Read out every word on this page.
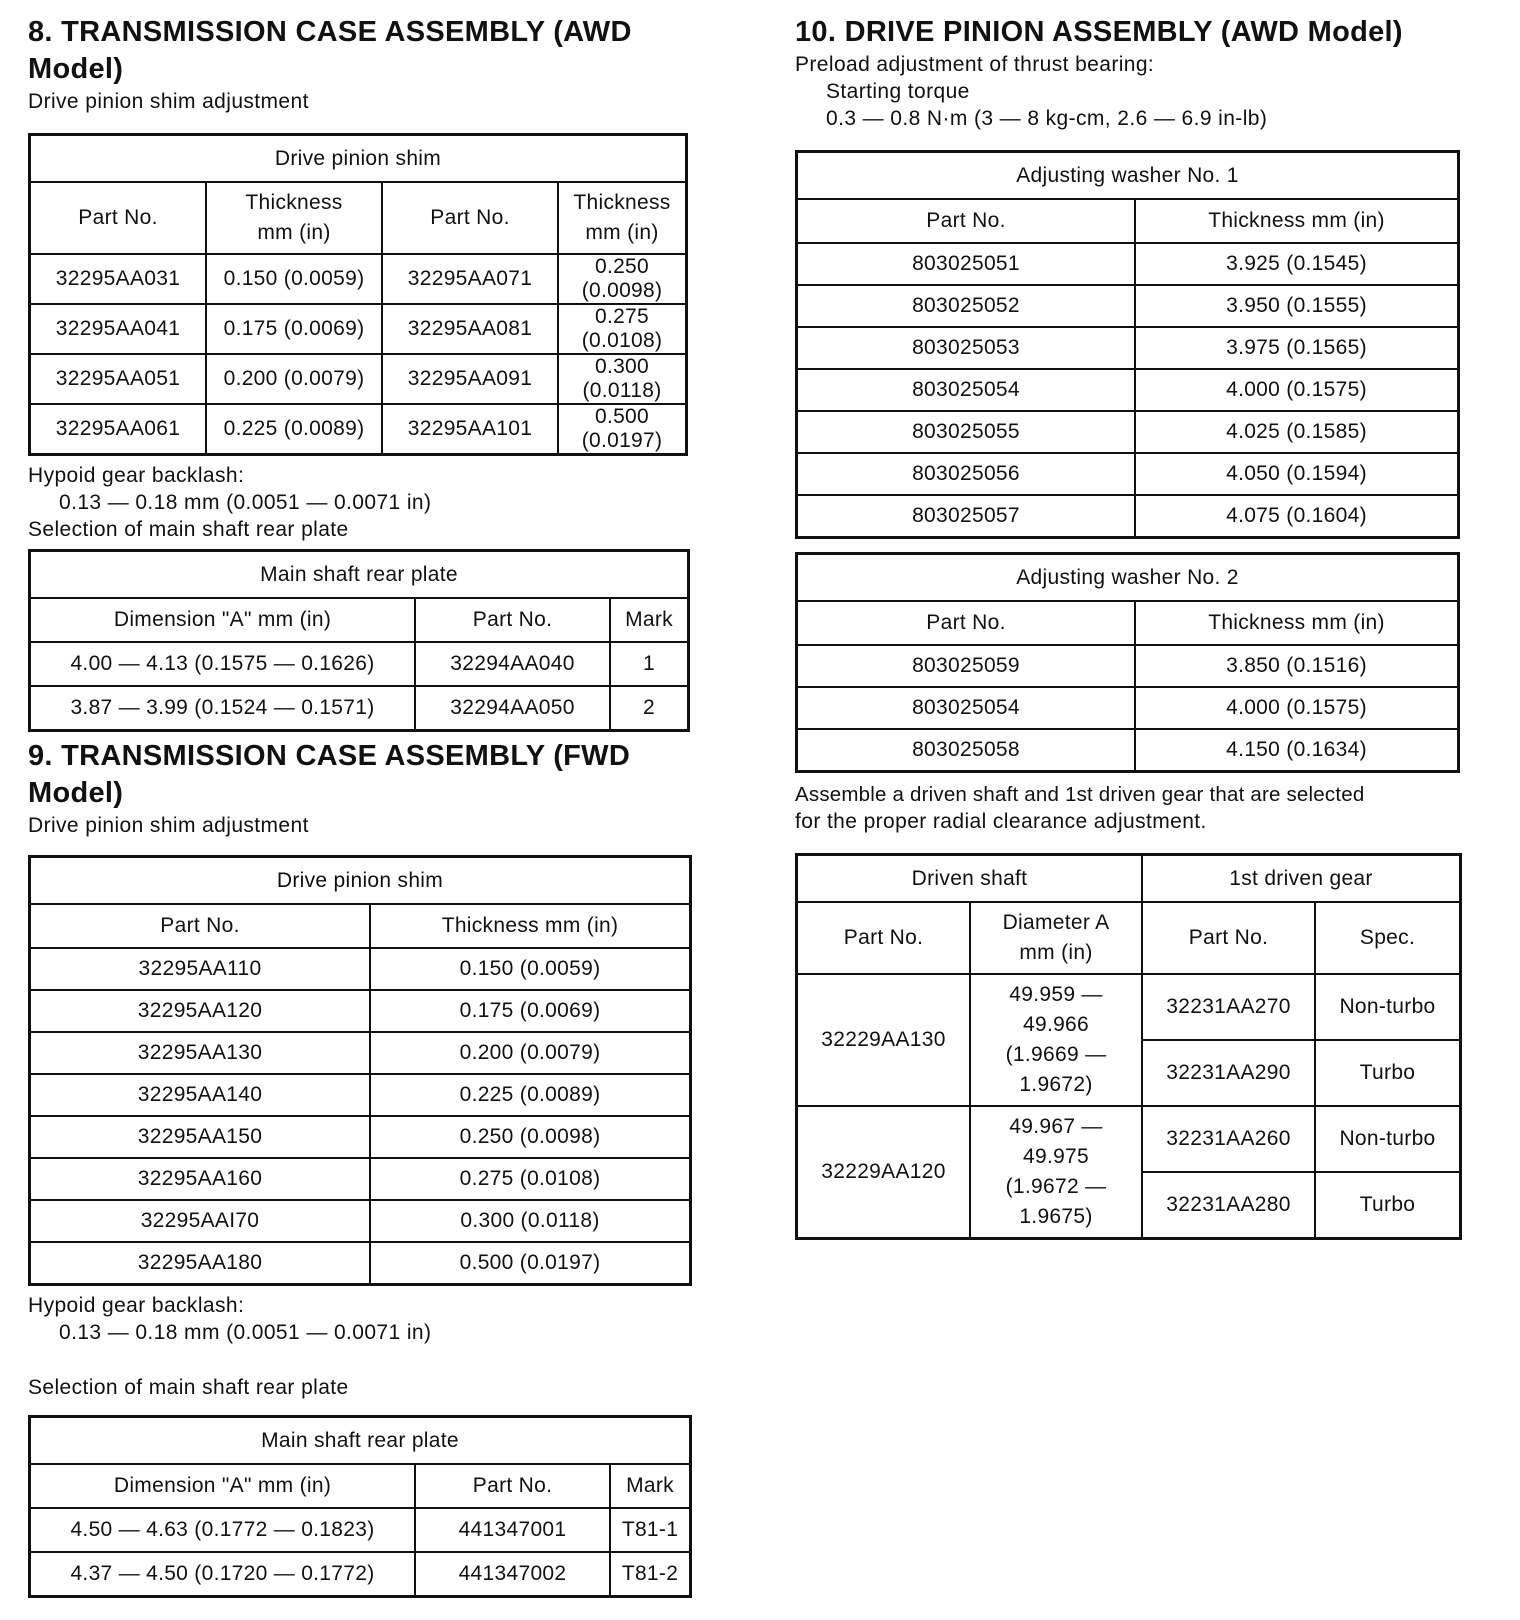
8. TRANSMISSION CASE ASSEMBLY (AWD
Model)

Drive pinion shim adjustment

Drive pinion shim			
Part No.	Thickness
mm (in)	Part No.	Thickness
mm (in)
32295AA031	0.150 (0.0059)	32295AA071	0.250 (0.0098)
32295AA041	0.175 (0.0069)	32295AA081	0.275 (0.0108)
32295AA051	0.200 (0.0079)	32295AA091	0.300 (0.0118)
32295AA061	0.225 (0.0089)	32295AA101	0.500 (0.0197)

Hypoid gear backlash:

0.13 — 0.18 mm (0.0051 — 0.0071 in)

Selection of main shaft rear plate

Main shaft rear plate		
Dimension "A" mm (in)	Part No.	Mark
4.00 — 4.13 (0.1575 — 0.1626)	32294AA040	1
3.87 — 3.99 (0.1524 — 0.1571)	32294AA050	2
9. TRANSMISSION CASE ASSEMBLY (FWD
Model)

Drive pinion shim adjustment

Drive pinion shim	
Part No.	Thickness mm (in)
32295AA110	0.150 (0.0059)
32295AA120	0.175 (0.0069)
32295AA130	0.200 (0.0079)
32295AA140	0.225 (0.0089)
32295AA150	0.250 (0.0098)
32295AA160	0.275 (0.0108)
32295AAI70	0.300 (0.0118)
32295AA180	0.500 (0.0197)

Hypoid gear backlash:

0.13 — 0.18 mm (0.0051 — 0.0071 in)

Selection of main shaft rear plate

Main shaft rear plate		
Dimension "A" mm (in)	Part No.	Mark
4.50 — 4.63 (0.1772 — 0.1823)	441347001	T81-1
4.37 — 4.50 (0.1720 — 0.1772)	441347002	T81-2
10. DRIVE PINION ASSEMBLY (AWD Model)

Preload adjustment of thrust bearing:

Starting torque

0.3 — 0.8 N·m (3 — 8 kg-cm, 2.6 — 6.9 in-lb)

Adjusting washer No. 1	
Part No.	Thickness mm (in)
803025051	3.925 (0.1545)
803025052	3.950 (0.1555)
803025053	3.975 (0.1565)
803025054	4.000 (0.1575)
803025055	4.025 (0.1585)
803025056	4.050 (0.1594)
803025057	4.075 (0.1604)
Adjusting washer No. 2	
Part No.	Thickness mm (in)
803025059	3.850 (0.1516)
803025054	4.000 (0.1575)
803025058	4.150 (0.1634)

Assemble a driven shaft and 1st driven gear that are selected

for the proper radial clearance adjustment.

Driven shaft		1st driven gear	
Part No.	Diameter A
mm (in)	Part No.	Spec.
32229AA130	49.959 —
49.966
(1.9669 —
1.9672)	32231AA270	Non-turbo
		32231AA290	Turbo
32229AA120	49.967 —
49.975
(1.9672 —
1.9675)	32231AA260	Non-turbo
		32231AA280	Turbo
